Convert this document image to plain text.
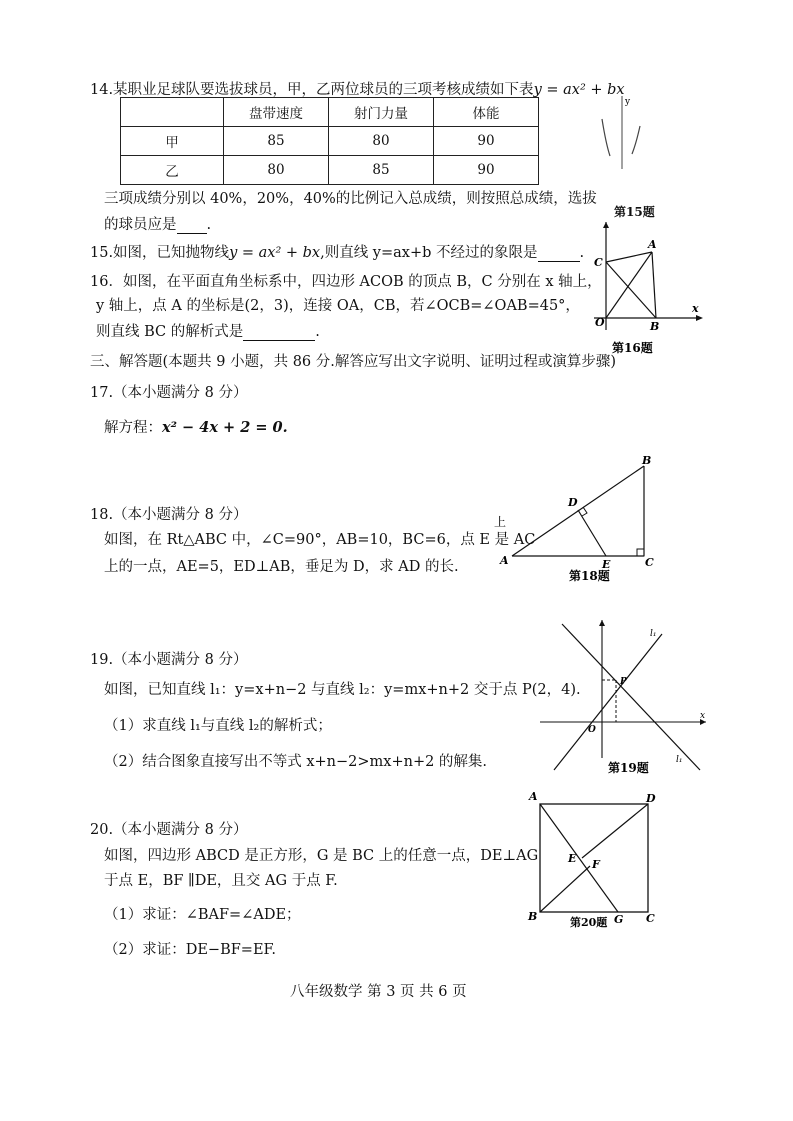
14.某职业足球队要选拔球员，甲，乙两位球员的三项考核成绩如下表y = ax² + bx
	盘带速度	射门力量	体能
甲	85	80	90
乙	80	85	90
三项成绩分别以 40%，20%，40%的比例记入总成绩，则按照总成绩，选拔
的球员应是 .
15.如图，已知抛物线y = ax² + bx,则直线 y=ax+b 不经过的象限是	.
16．如图，在平面直角坐标系中，四边形 ACOB 的顶点 B，C 分别在 x 轴上，
y 轴上，点 A 的坐标是(2，3)，连接 OA，CB，若∠OCB=∠OAB=45°，
则直线 BC 的解析式是	.
三、解答题(本题共 9 小题，共 86 分.解答应写出文字说明、证明过程或演算步骤)
17.（本小题满分 8 分）
解方程：x² − 4x + 2 = 0.
18.（本小题满分 8 分）
如图，在 Rt△ABC 中，∠C=90°，AB=10，BC=6，点 E 是 AC
上的一点，AE=5，ED⊥AB，垂足为 D，求 AD 的长.
19.（本小题满分 8 分）
如图，已知直线 l₁：y=x+n−2 与直线 l₂：y=mx+n+2 交于点 P(2，4).
（1）求直线 l₁与直线 l₂的解析式；
（2）结合图象直接写出不等式 x+n−2>mx+n+2 的解集.
20.（本小题满分 8 分）
如图，四边形 ABCD 是正方形，G 是 BC 上的任意一点，DE⊥AG
于点 E，BF ∥DE，且交 AG 于点 F.
（1）求证：∠BAF=∠ADE；
（2）求证：DE−BF=EF.
八年级数学 第 3 页 共 6 页
y
第15题
A
B
C
O
x
第16题
A
B
C
D
E
上
第18题
l₁
l₁
P
O
x
第19题
A	D
B	C
G
E F
第20题
